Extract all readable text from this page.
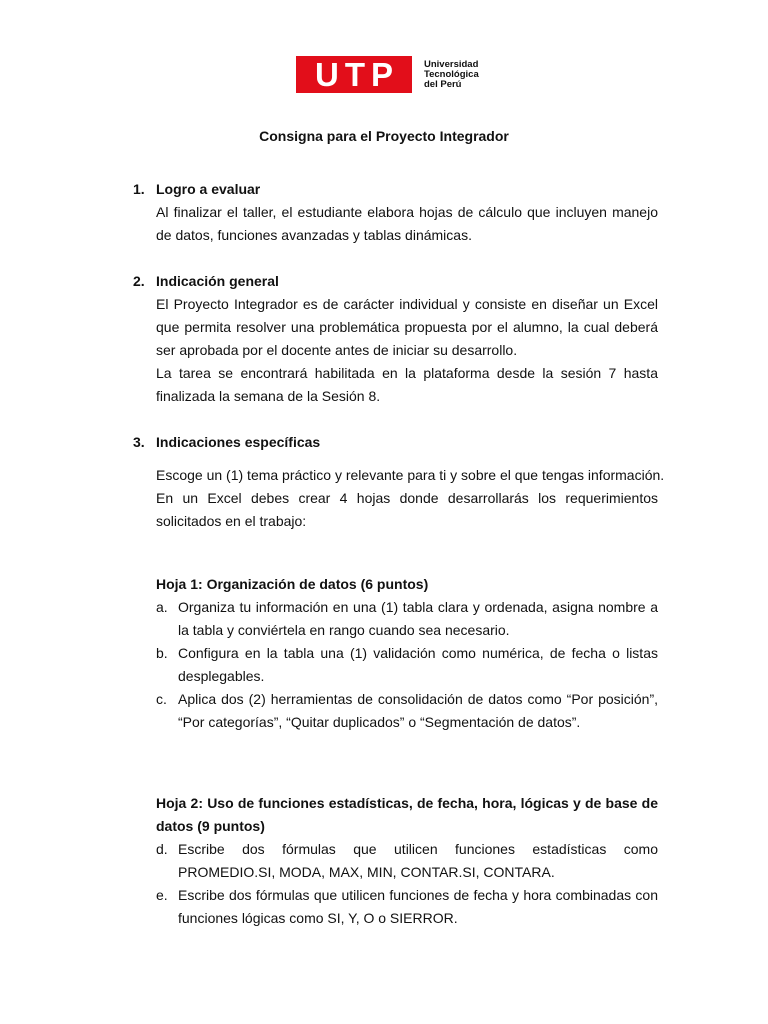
UTP	Universidad
Tecnológica
del Perú
Consigna para el Proyecto Integrador
1. Logro a evaluar
Al finalizar el taller, el estudiante elabora hojas de cálculo que incluyen manejo
de datos, funciones avanzadas y tablas dinámicas.
2. Indicación general
El Proyecto Integrador es de carácter individual y consiste en diseñar un Excel
que permita resolver una problemática propuesta por el alumno, la cual deberá
ser aprobada por el docente antes de iniciar su desarrollo.
La tarea se encontrará habilitada en la plataforma desde la sesión 7 hasta
finalizada la semana de la Sesión 8.
3. Indicaciones específicas
Escoge un (1) tema práctico y relevante para ti y sobre el que tengas información.
En un Excel debes crear 4 hojas donde desarrollarás los requerimientos
solicitados en el trabajo:
Hoja 1: Organización de datos (6 puntos)
a. Organiza tu información en una (1) tabla clara y ordenada, asigna nombre a
la tabla y conviértela en rango cuando sea necesario.
b. Configura en la tabla una (1) validación como numérica, de fecha o listas
desplegables.
c. Aplica dos (2) herramientas de consolidación de datos como “Por posición”,
“Por categorías”, “Quitar duplicados” o “Segmentación de datos”.
Hoja 2: Uso de funciones estadísticas, de fecha, hora, lógicas y de base de
datos (9 puntos)
d. Escribe dos fórmulas que utilicen funciones estadísticas como
PROMEDIO.SI, MODA, MAX, MIN, CONTAR.SI, CONTARA.
e. Escribe dos fórmulas que utilicen funciones de fecha y hora combinadas con
funciones lógicas como SI, Y, O o SIERROR.
